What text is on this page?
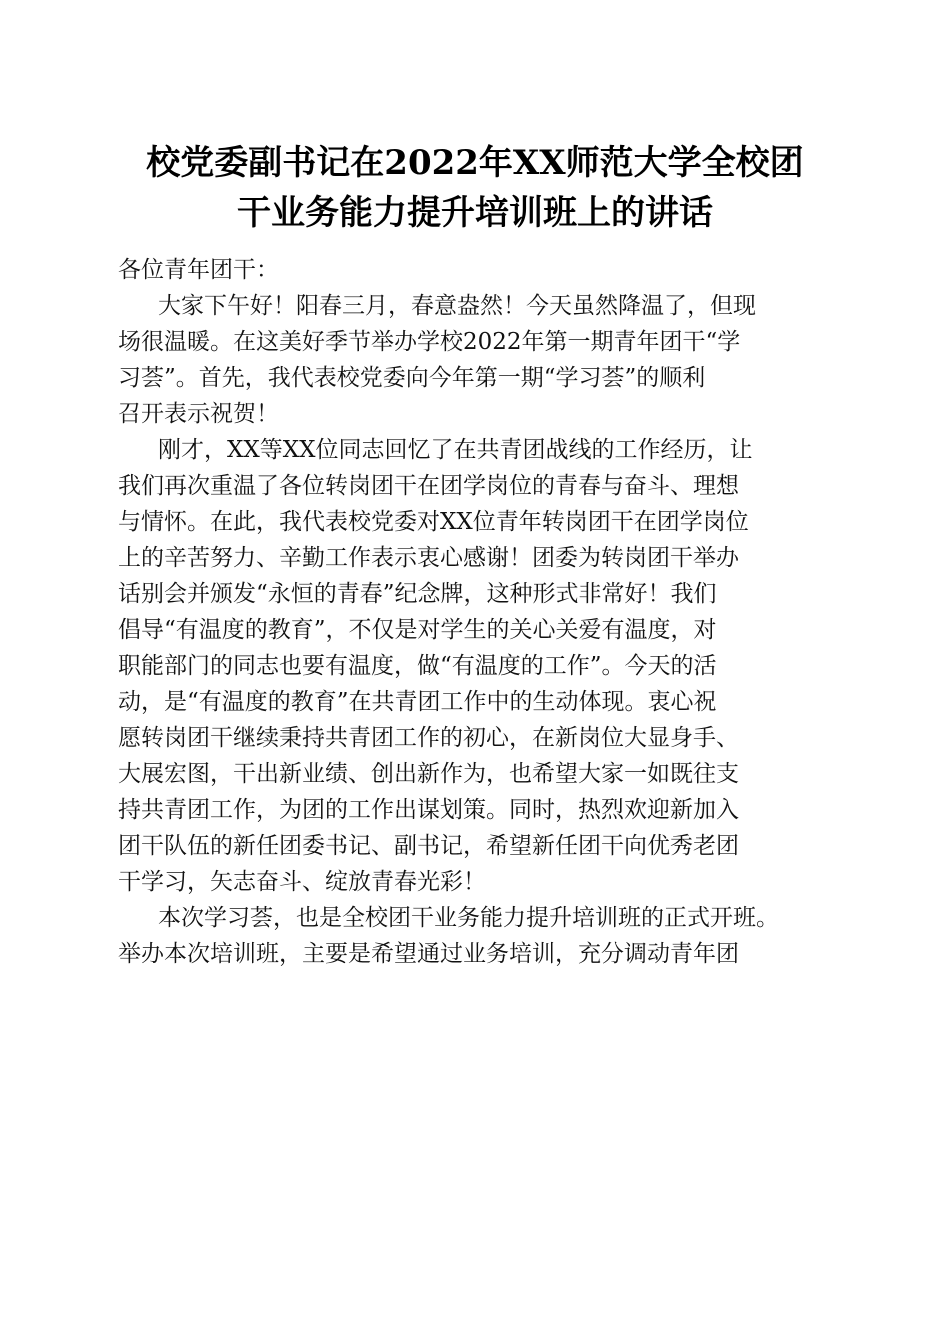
校党委副书记在2022年XX师范大学全校团
干业务能力提升培训班上的讲话

各位青年团干：

大家下午好！阳春三月，春意盎然！今天虽然降温了，但现
场很温暖。在这美好季节举办学校2022年第一期青年团干“学
习荟”。首先，我代表校党委向今年第一期“学习荟”的顺利
召开表示祝贺！

刚才，XX等XX位同志回忆了在共青团战线的工作经历，让
我们再次重温了各位转岗团干在团学岗位的青春与奋斗、理想
与情怀。在此，我代表校党委对XX位青年转岗团干在团学岗位
上的辛苦努力、辛勤工作表示衷心感谢！团委为转岗团干举办
话别会并颁发“永恒的青春”纪念牌，这种形式非常好！我们
倡导“有温度的教育”，不仅是对学生的关心关爱有温度，对
职能部门的同志也要有温度，做“有温度的工作”。今天的活
动，是“有温度的教育”在共青团工作中的生动体现。衷心祝
愿转岗团干继续秉持共青团工作的初心，在新岗位大显身手、
大展宏图，干出新业绩、创出新作为，也希望大家一如既往支
持共青团工作，为团的工作出谋划策。同时，热烈欢迎新加入
团干队伍的新任团委书记、副书记，希望新任团干向优秀老团
干学习，矢志奋斗、绽放青春光彩！

本次学习荟，也是全校团干业务能力提升培训班的正式开班。
举办本次培训班，主要是希望通过业务培训，充分调动青年团
